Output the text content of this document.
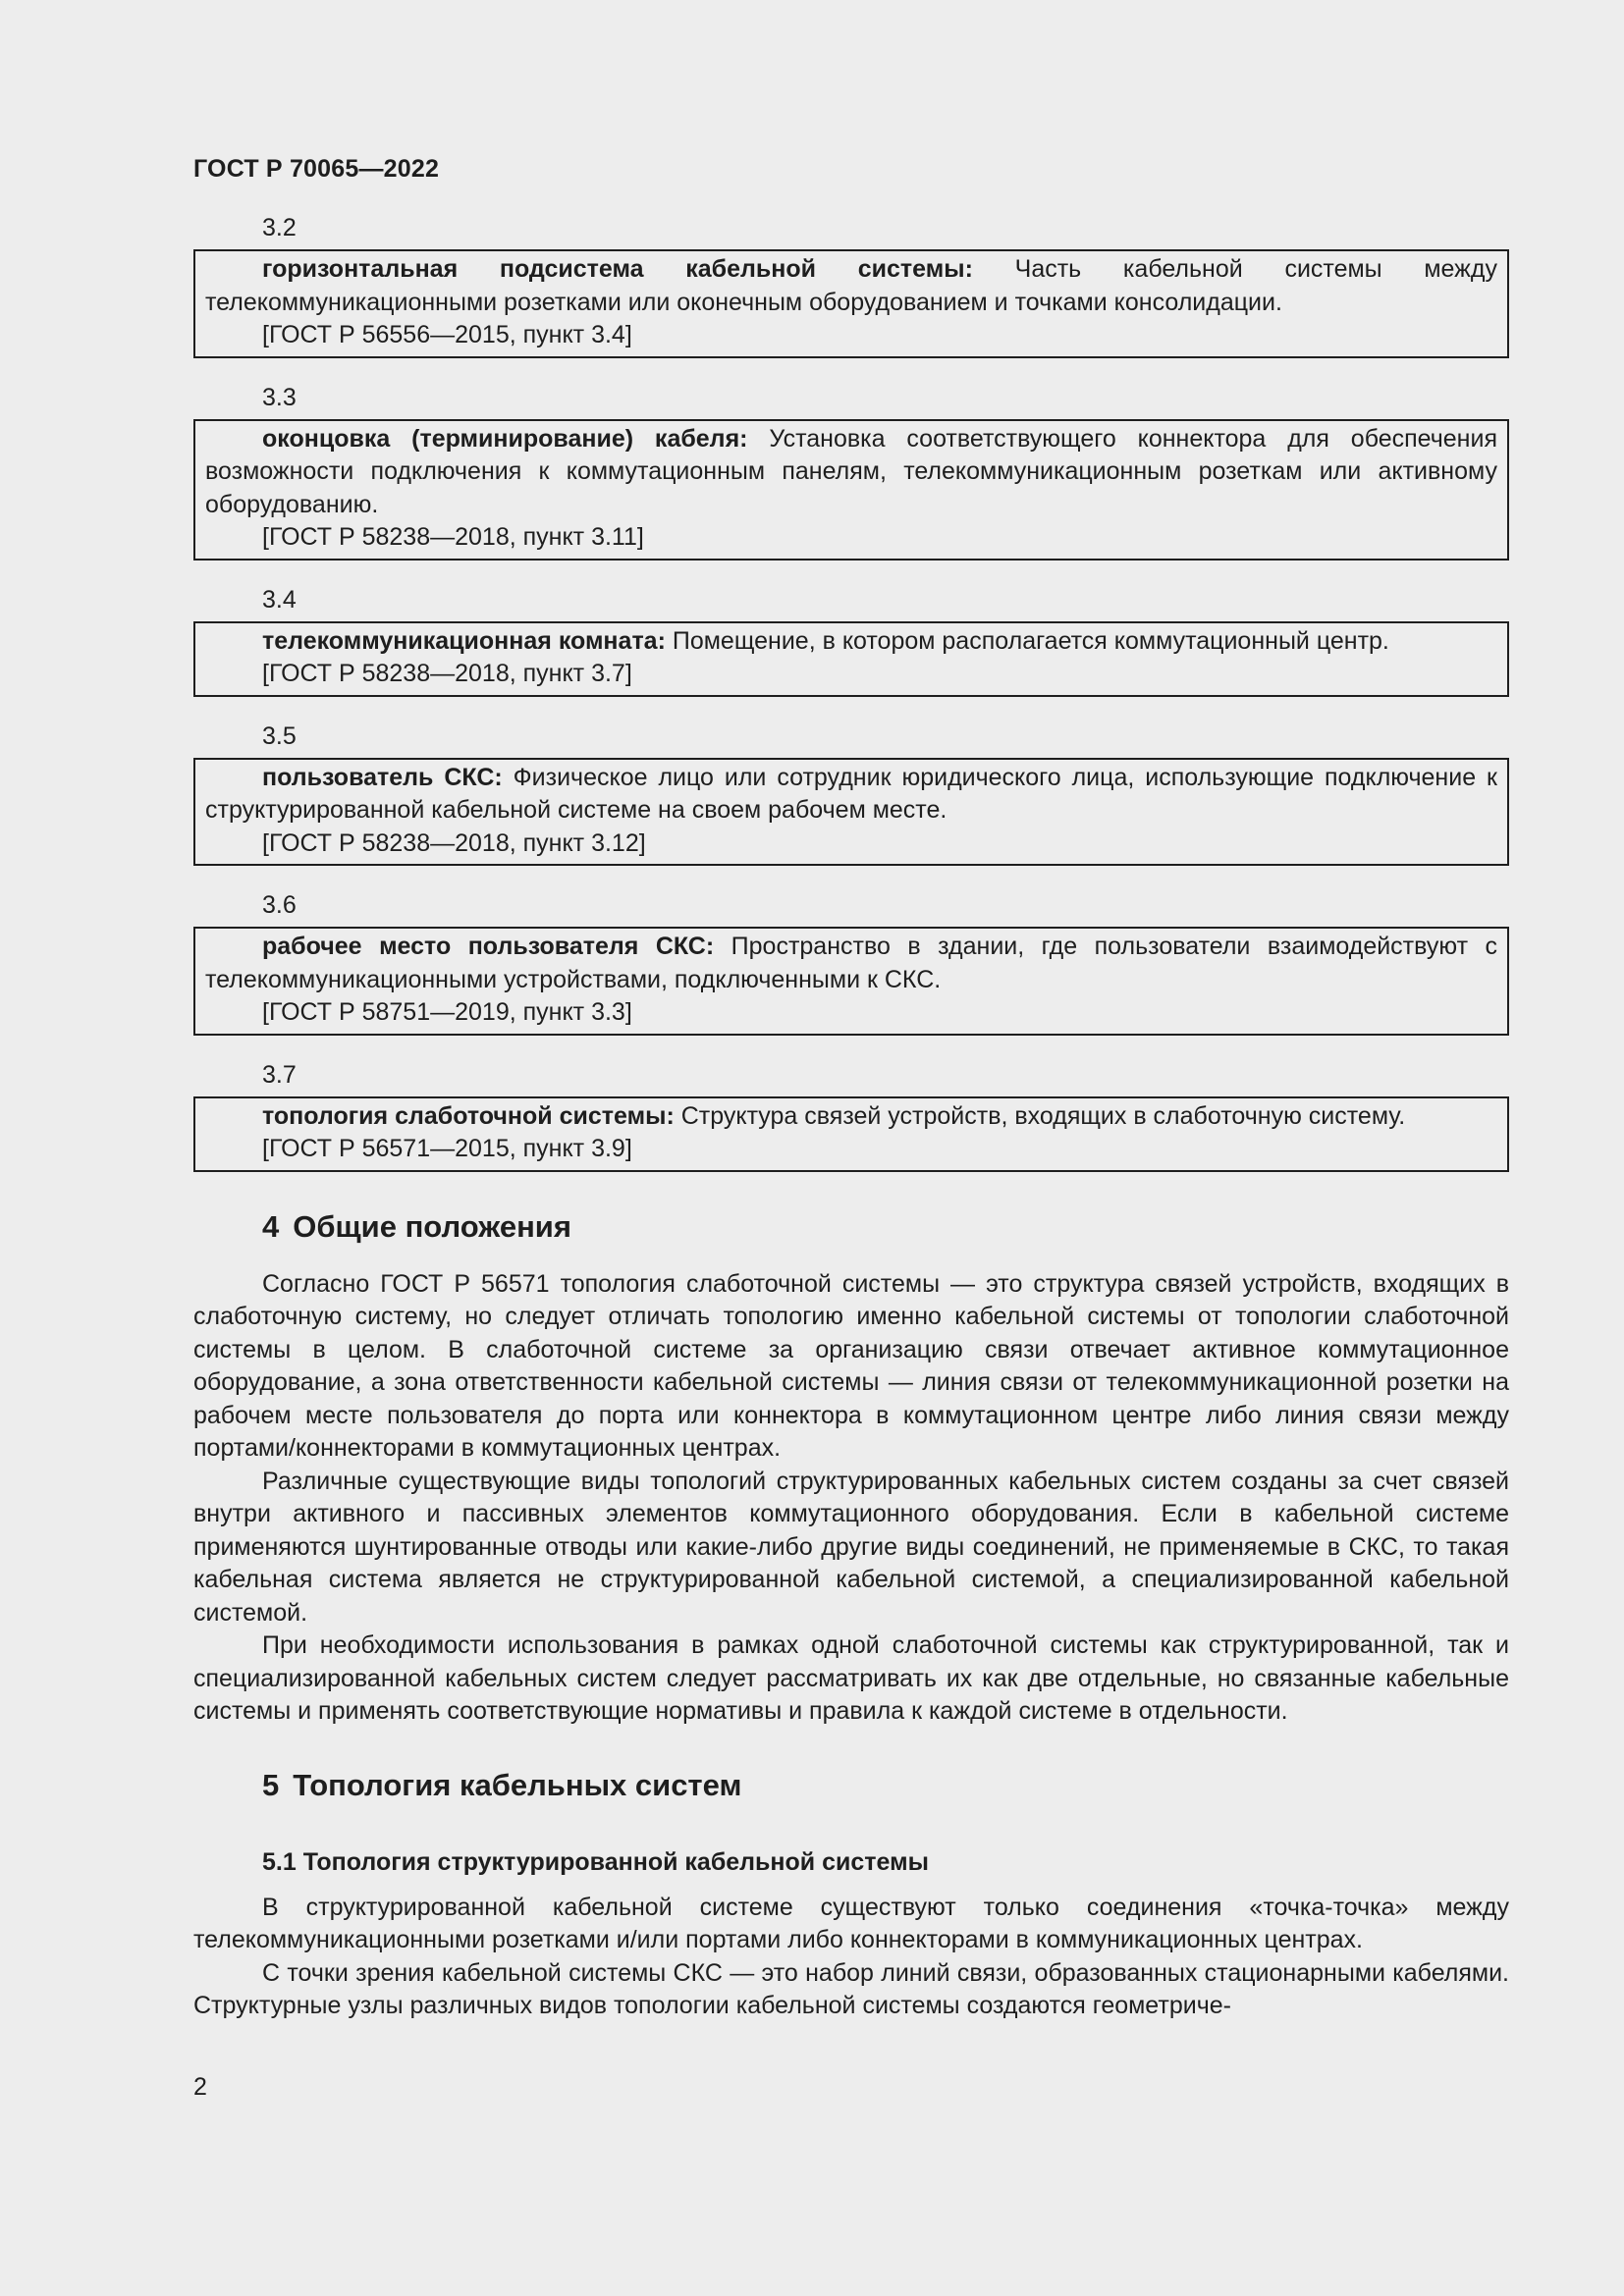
ГОСТ Р 70065—2022
3.2

горизонтальная подсистема кабельной системы: Часть кабельной системы между телекоммуникационными розетками или оконечным оборудованием и точками консолидации.

[ГОСТ Р 56556—2015, пункт 3.4]

3.3

оконцовка (терминирование) кабеля: Установка соответствующего коннектора для обеспечения возможности подключения к коммутационным панелям, телекоммуникационным розеткам или активному оборудованию.

[ГОСТ Р 58238—2018, пункт 3.11]

3.4

телекоммуникационная комната: Помещение, в котором располагается коммутационный центр.

[ГОСТ Р 58238—2018, пункт 3.7]

3.5

пользователь СКС: Физическое лицо или сотрудник юридического лица, использующие подключение к структурированной кабельной системе на своем рабочем месте.

[ГОСТ Р 58238—2018, пункт 3.12]

3.6

рабочее место пользователя СКС: Пространство в здании, где пользователи взаимодействуют с телекоммуникационными устройствами, подключенными к СКС.

[ГОСТ Р 58751—2019, пункт 3.3]

3.7

топология слаботочной системы: Структура связей устройств, входящих в слаботочную систему.

[ГОСТ Р 56571—2015, пункт 3.9]

4 Общие положения

Согласно ГОСТ Р 56571 топология слаботочной системы — это структура связей устройств, входящих в слаботочную систему, но следует отличать топологию именно кабельной системы от топологии слаботочной системы в целом. В слаботочной системе за организацию связи отвечает активное коммутационное оборудование, а зона ответственности кабельной системы — линия связи от телекоммуникационной розетки на рабочем месте пользователя до порта или коннектора в коммутационном центре либо линия связи между портами/коннекторами в коммутационных центрах.

Различные существующие виды топологий структурированных кабельных систем созданы за счет связей внутри активного и пассивных элементов коммутационного оборудования. Если в кабельной системе применяются шунтированные отводы или какие-либо другие виды соединений, не применяемые в СКС, то такая кабельная система является не структурированной кабельной системой, а специализированной кабельной системой.

При необходимости использования в рамках одной слаботочной системы как структурированной, так и специализированной кабельных систем следует рассматривать их как две отдельные, но связанные кабельные системы и применять соответствующие нормативы и правила к каждой системе в отдельности.

5 Топология кабельных систем
5.1 Топология структурированной кабельной системы

В структурированной кабельной системе существуют только соединения «точка-точка» между телекоммуникационными розетками и/или портами либо коннекторами в коммуникационных центрах.

С точки зрения кабельной системы СКС — это набор линий связи, образованных стационарными кабелями. Структурные узлы различных видов топологии кабельной системы создаются геометриче-

2
